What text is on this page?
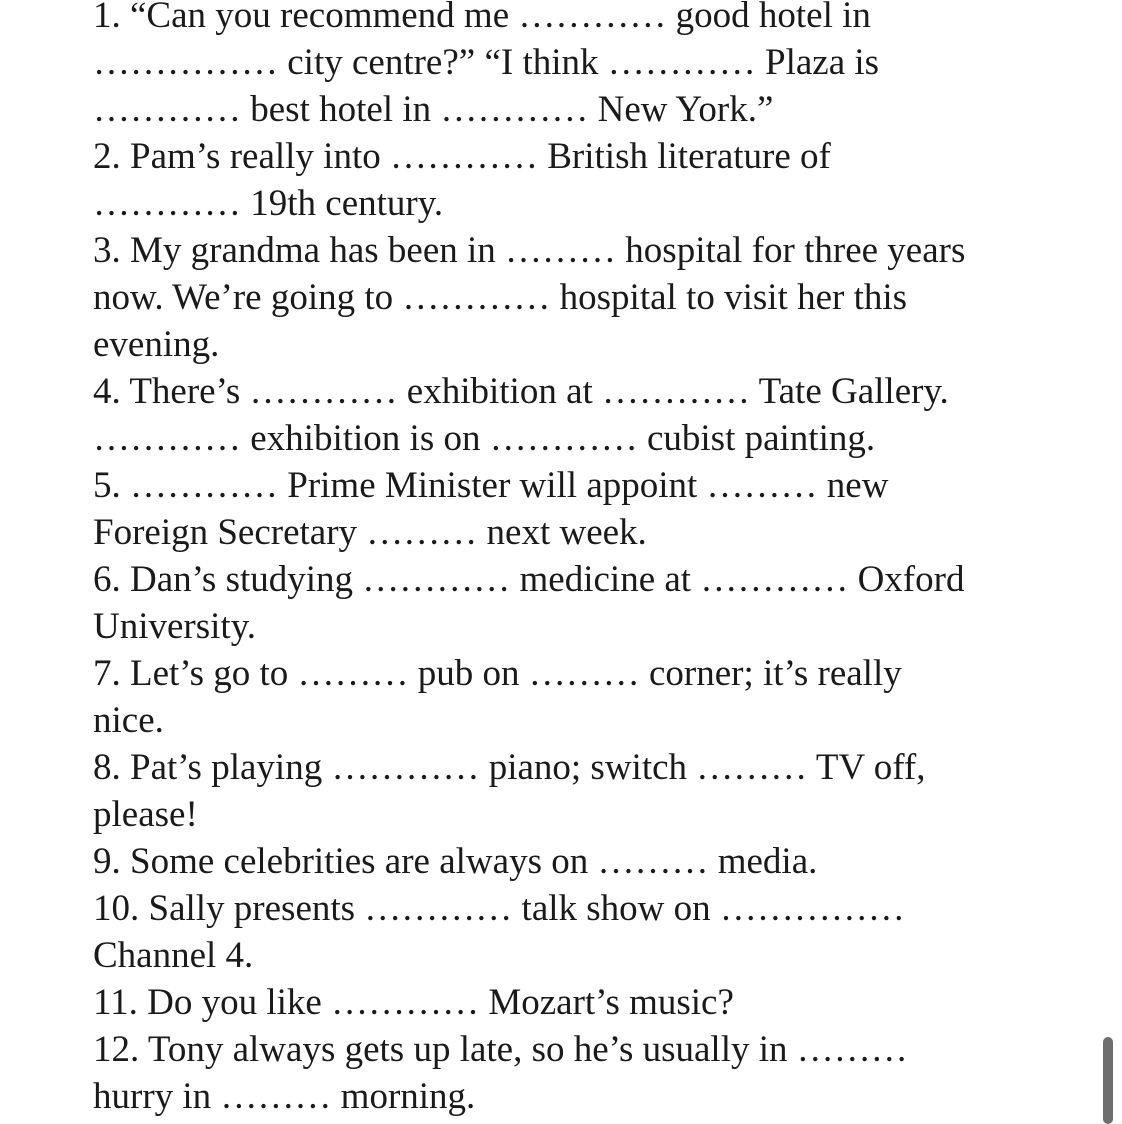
1. “Can you recommend me ………… good hotel in
…………… city centre?” “I think ………… Plaza is
………… best hotel in ………… New York.”
2. Pam’s really into ………… British literature of
………… 19th century.
3. My grandma has been in ……… hospital for three years
now. We’re going to ………… hospital to visit her this
evening.
4. There’s ………… exhibition at ………… Tate Gallery.
………… exhibition is on ………… cubist painting.
5. ………… Prime Minister will appoint ……… new
Foreign Secretary ……… next week.
6. Dan’s studying ………… medicine at ………… Oxford
University.
7. Let’s go to ……… pub on ……… corner; it’s really
nice.
8. Pat’s playing ………… piano; switch ……… TV off,
please!
9. Some celebrities are always on ……… media.
10. Sally presents ………… talk show on ……………
Channel 4.
11. Do you like ………… Mozart’s music?
12. Tony always gets up late, so he’s usually in ………
hurry in ……… morning.
